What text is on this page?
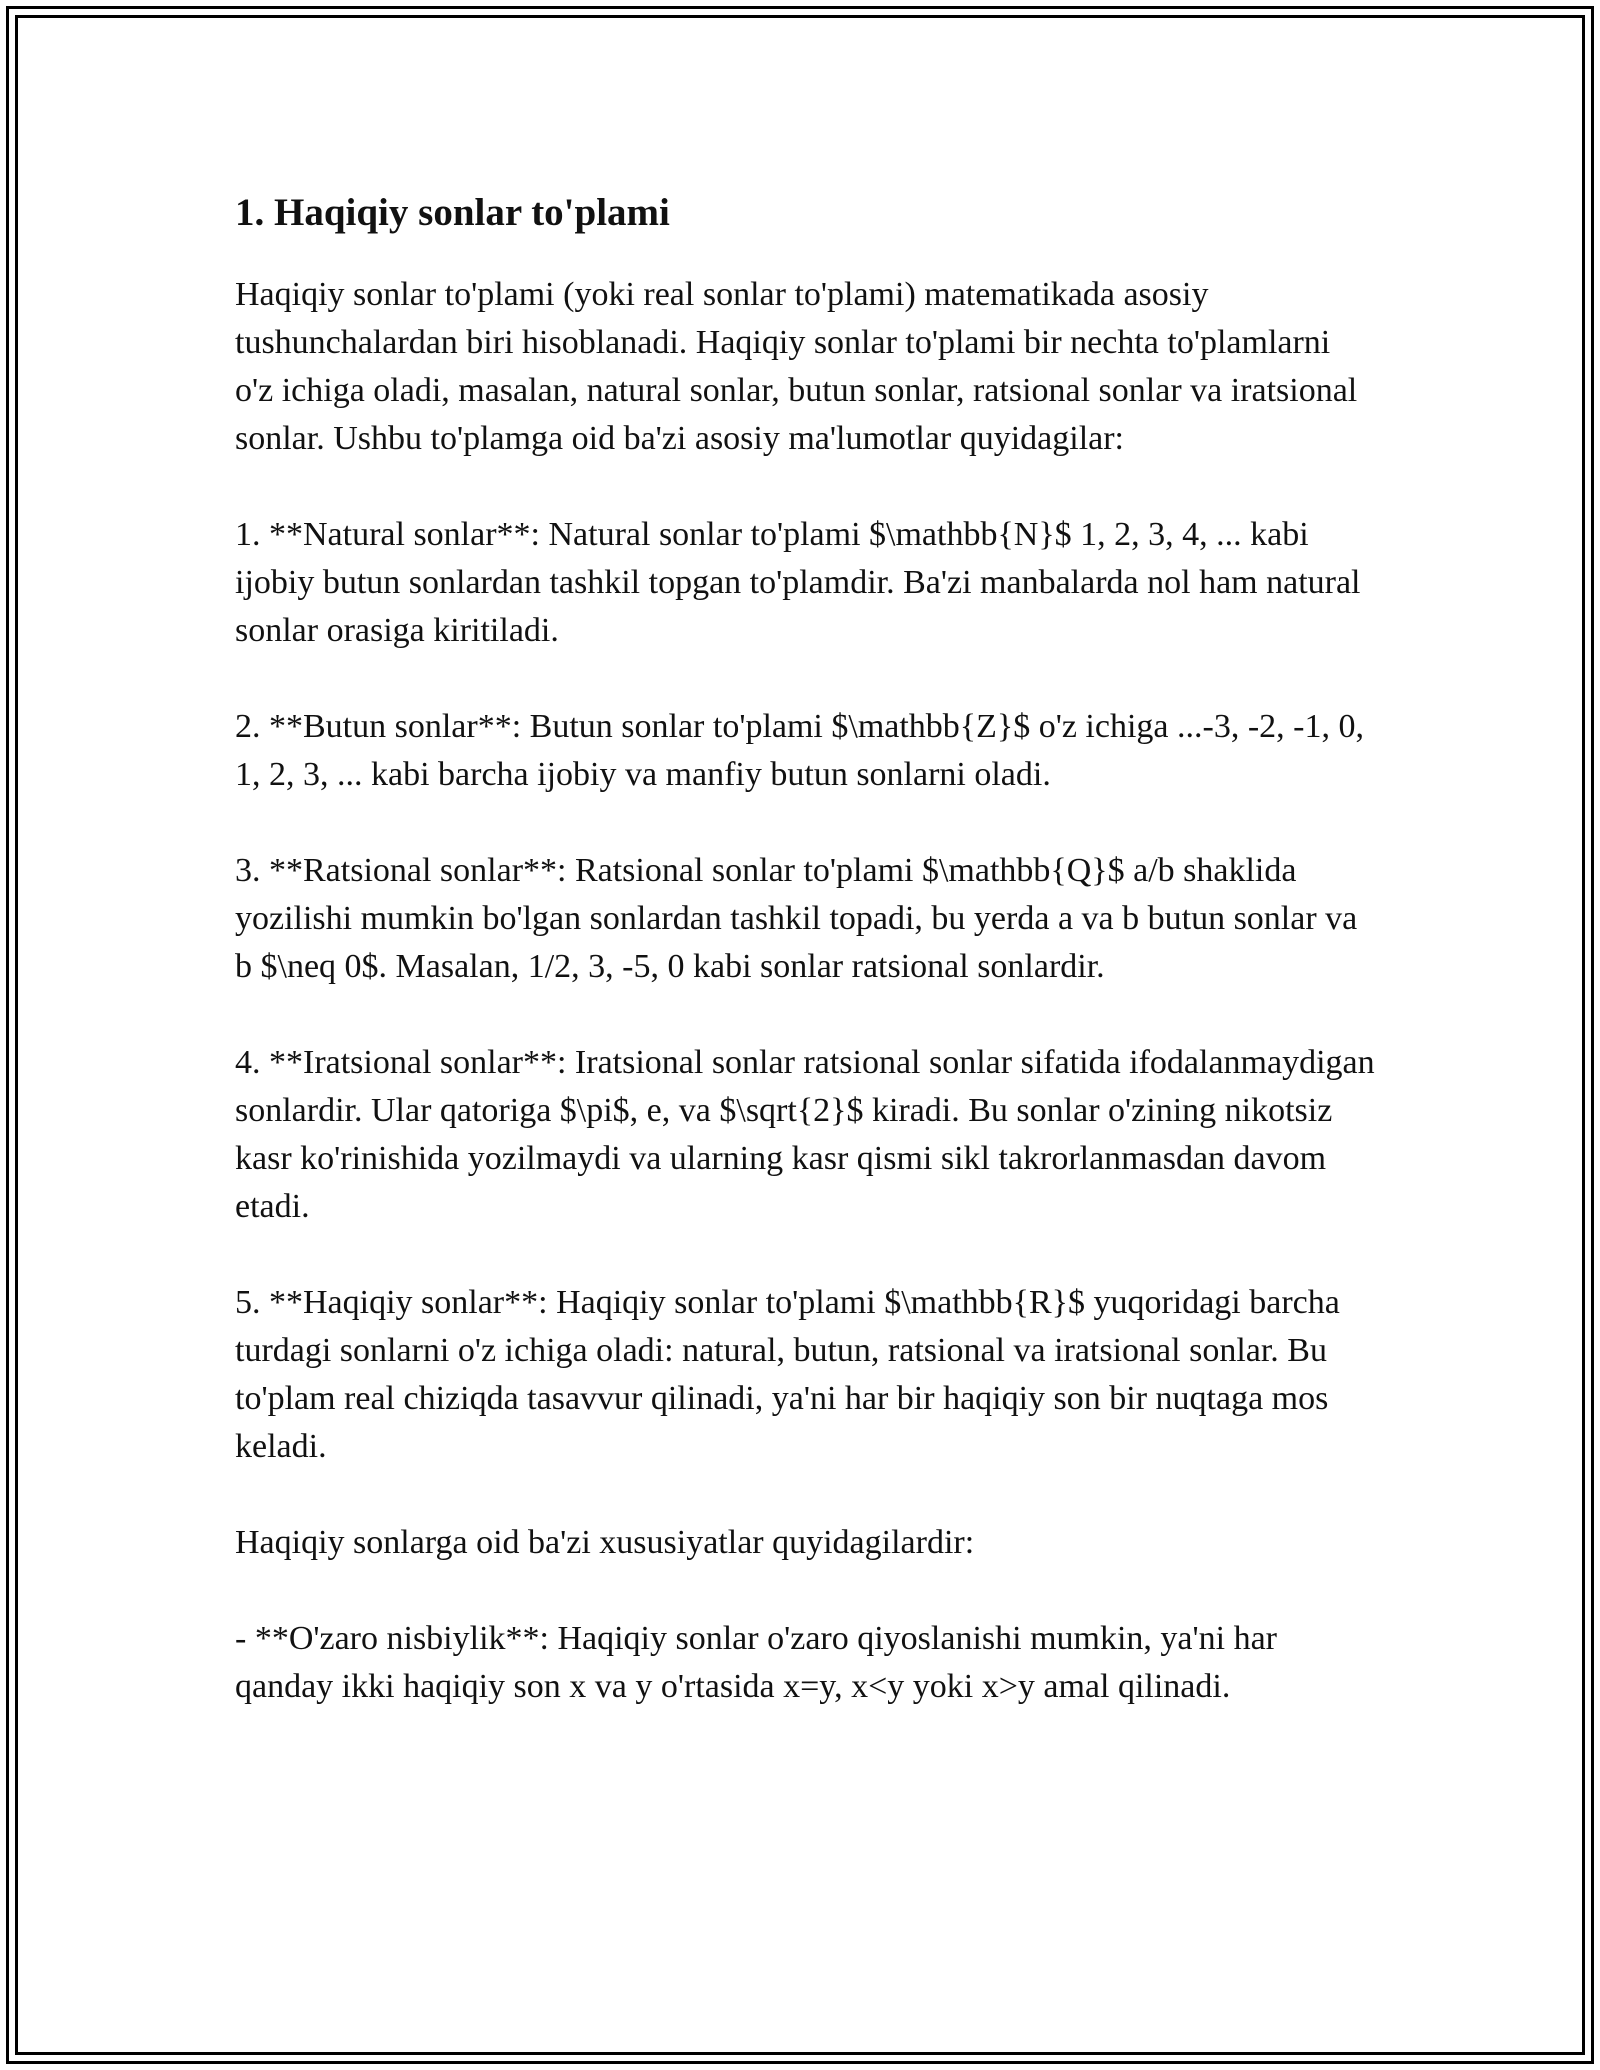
1. Haqiqiy sonlar to'plami

Haqiqiy sonlar to'plami (yoki real sonlar to'plami) matematikada asosiy tushunchalardan biri hisoblanadi. Haqiqiy sonlar to'plami bir nechta to'plamlarni o'z ichiga oladi, masalan, natural sonlar, butun sonlar, ratsional sonlar va iratsional sonlar. Ushbu to'plamga oid ba'zi asosiy ma'lumotlar quyidagilar:

1. **Natural sonlar**: Natural sonlar to'plami $\mathbb{N}$ 1, 2, 3, 4, ... kabi ijobiy butun sonlardan tashkil topgan to'plamdir. Ba'zi manbalarda nol ham natural sonlar orasiga kiritiladi.

2. **Butun sonlar**: Butun sonlar to'plami $\mathbb{Z}$ o'z ichiga ...-3, -2, -1, 0, 1, 2, 3, ... kabi barcha ijobiy va manfiy butun sonlarni oladi.

3. **Ratsional sonlar**: Ratsional sonlar to'plami $\mathbb{Q}$ a/b shaklida yozilishi mumkin bo'lgan sonlardan tashkil topadi, bu yerda a va b butun sonlar va b $\neq 0$. Masalan, 1/2, 3, -5, 0 kabi sonlar ratsional sonlardir.

4. **Iratsional sonlar**: Iratsional sonlar ratsional sonlar sifatida ifodalanmaydigan sonlardir. Ular qatoriga $\pi$, e, va $\sqrt{2}$ kiradi. Bu sonlar o'zining nikotsiz kasr ko'rinishida yozilmaydi va ularning kasr qismi sikl takrorlanmasdan davom etadi.

5. **Haqiqiy sonlar**: Haqiqiy sonlar to'plami $\mathbb{R}$ yuqoridagi barcha turdagi sonlarni o'z ichiga oladi: natural, butun, ratsional va iratsional sonlar. Bu to'plam real chiziqda tasavvur qilinadi, ya'ni har bir haqiqiy son bir nuqtaga mos keladi.

Haqiqiy sonlarga oid ba'zi xususiyatlar quyidagilardir:

- **O'zaro nisbiylik**: Haqiqiy sonlar o'zaro qiyoslanishi mumkin, ya'ni har qanday ikki haqiqiy son x va y o'rtasida x=y, x<y yoki x>y amal qilinadi.
